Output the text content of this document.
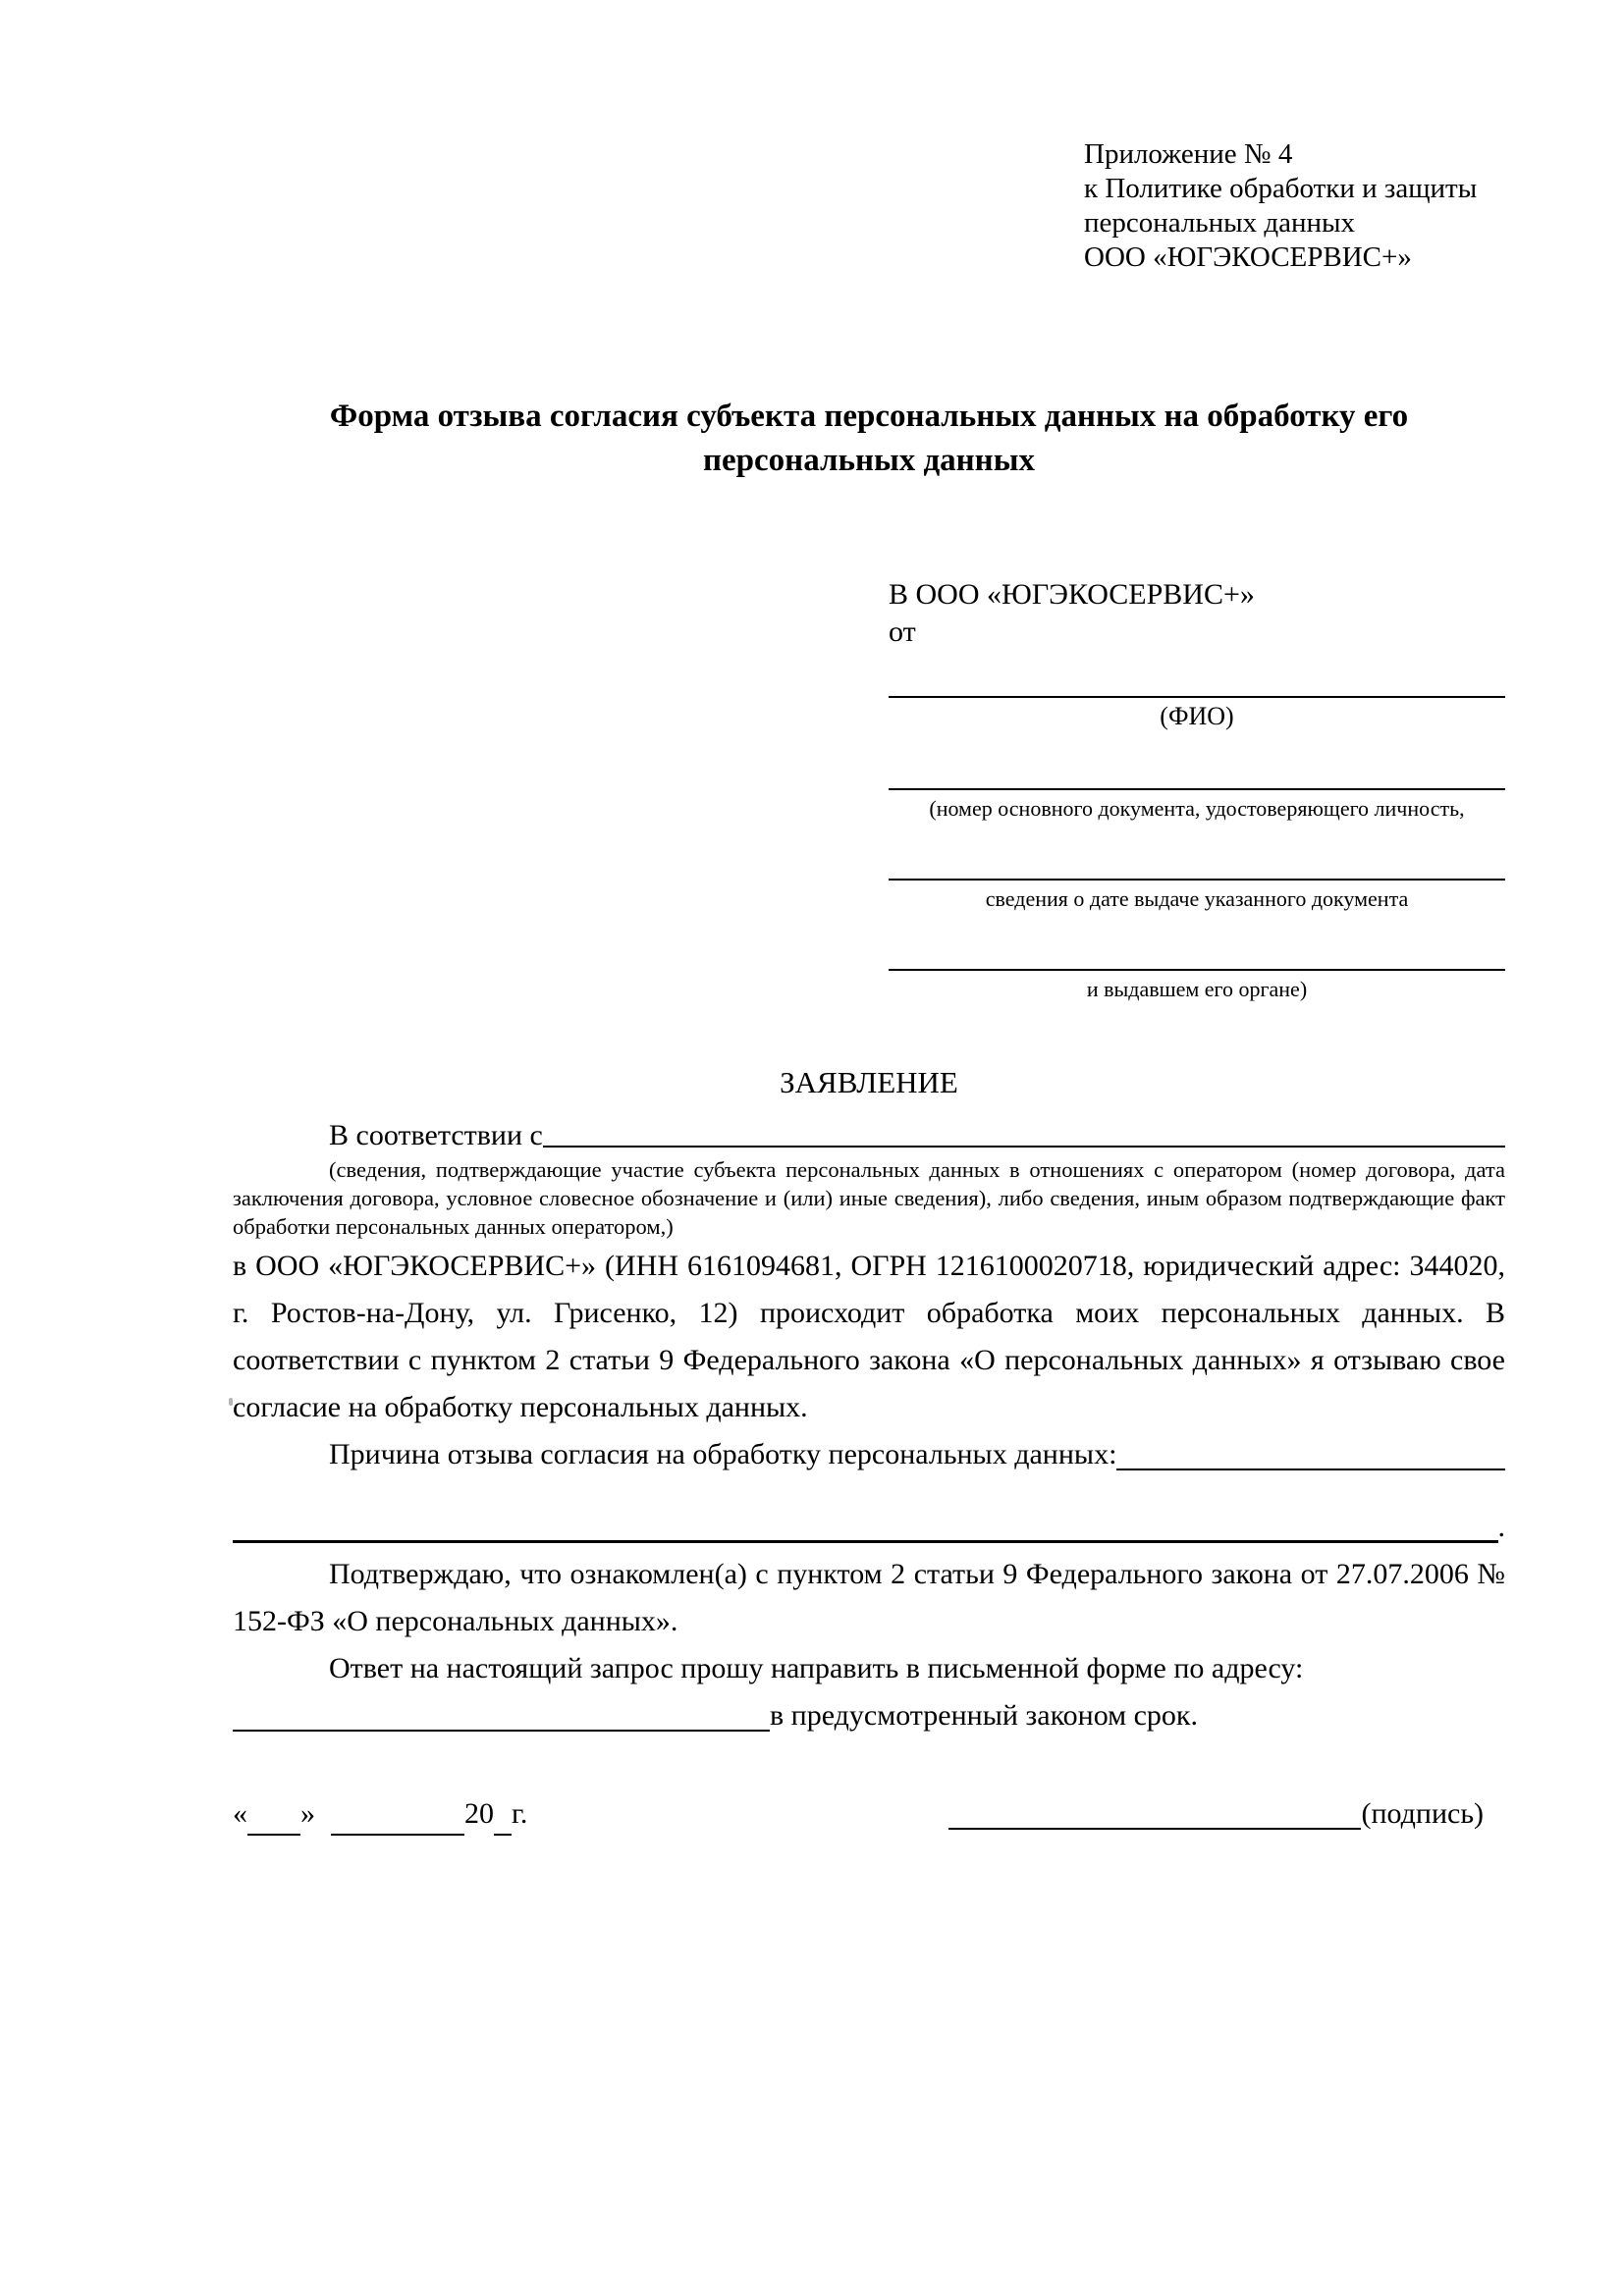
Приложение № 4
к Политике обработки и защиты
персональных данных
ООО «ЮГЭКОСЕРВИС+»
Форма отзыва согласия субъекта персональных данных на обработку его персональных данных
В ООО «ЮГЭКОСЕРВИС+»
от
(ФИО)
(номер основного документа, удостоверяющего личность,
сведения о дате выдаче указанного документа
и выдавшем его органе)
ЗАЯВЛЕНИЕ
В соответствии с

(сведения, подтверждающие участие субъекта персональных данных в отношениях с оператором (номер договора, дата заключения договора, условное словесное обозначение и (или) иные сведения), либо сведения, иным образом подтверждающие факт обработки персональных данных оператором,)

в ООО «ЮГЭКОСЕРВИС+» (ИНН 6161094681, ОГРН 1216100020718, юридический адрес: 344020, г. Ростов-на-Дону, ул. Грисенко, 12) происходит обработка моих персональных данных. В соответствии с пунктом 2 статьи 9 Федерального закона «О персональных данных» я отзываю свое согласие на обработку персональных данных.

Причина отзыва согласия на обработку персональных данных:
.

Подтверждаю, что ознакомлен(а) с пунктом 2 статьи 9 Федерального закона от 27.07.2006 № 152-ФЗ «О персональных данных».

Ответ на настоящий запрос прошу направить в письменной форме по адресу:

в предусмотренный законом срок.
« »	20 г.	(подпись)
